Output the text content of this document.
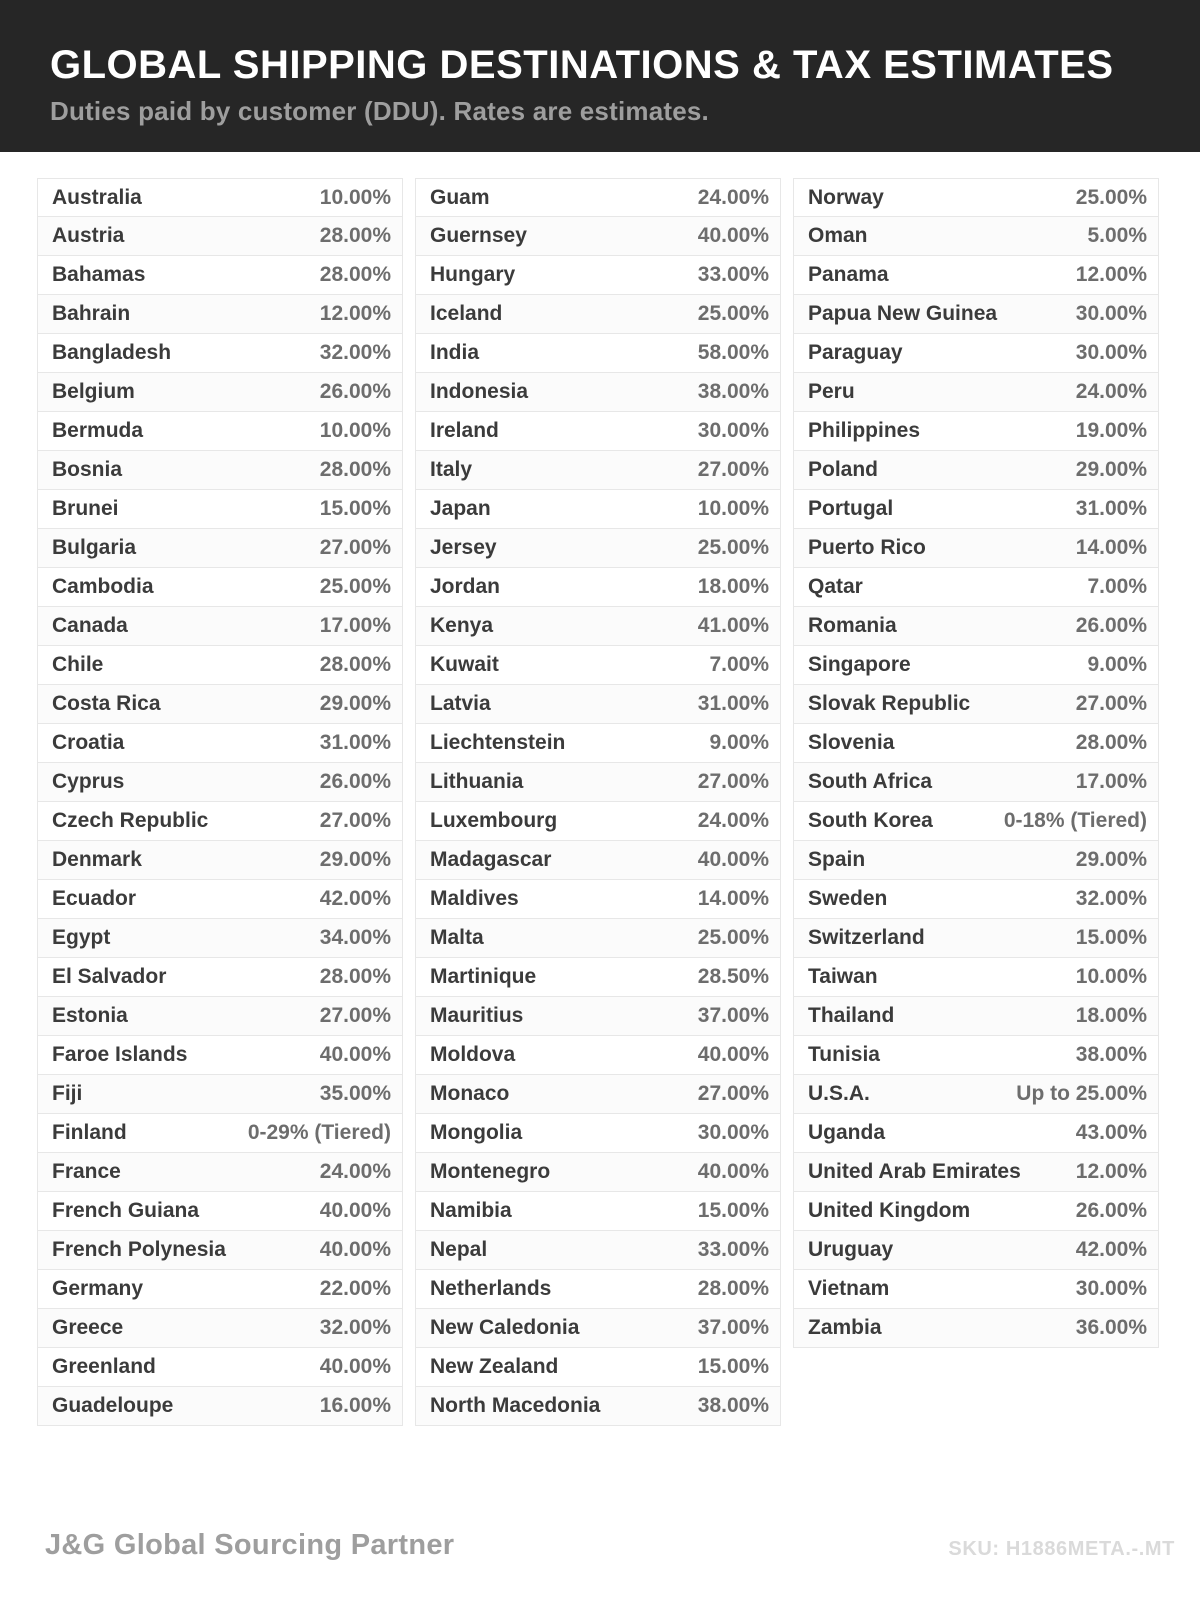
GLOBAL SHIPPING DESTINATIONS & TAX ESTIMATES

Duties paid by customer (DDU). Rates are estimates.

Australia	10.00%
Austria	28.00%
Bahamas	28.00%
Bahrain	12.00%
Bangladesh	32.00%
Belgium	26.00%
Bermuda	10.00%
Bosnia	28.00%
Brunei	15.00%
Bulgaria	27.00%
Cambodia	25.00%
Canada	17.00%
Chile	28.00%
Costa Rica	29.00%
Croatia	31.00%
Cyprus	26.00%
Czech Republic	27.00%
Denmark	29.00%
Ecuador	42.00%
Egypt	34.00%
El Salvador	28.00%
Estonia	27.00%
Faroe Islands	40.00%
Fiji	35.00%
Finland	0-29% (Tiered)
France	24.00%
French Guiana	40.00%
French Polynesia	40.00%
Germany	22.00%
Greece	32.00%
Greenland	40.00%
Guadeloupe	16.00%
Guam	24.00%
Guernsey	40.00%
Hungary	33.00%
Iceland	25.00%
India	58.00%
Indonesia	38.00%
Ireland	30.00%
Italy	27.00%
Japan	10.00%
Jersey	25.00%
Jordan	18.00%
Kenya	41.00%
Kuwait	7.00%
Latvia	31.00%
Liechtenstein	9.00%
Lithuania	27.00%
Luxembourg	24.00%
Madagascar	40.00%
Maldives	14.00%
Malta	25.00%
Martinique	28.50%
Mauritius	37.00%
Moldova	40.00%
Monaco	27.00%
Mongolia	30.00%
Montenegro	40.00%
Namibia	15.00%
Nepal	33.00%
Netherlands	28.00%
New Caledonia	37.00%
New Zealand	15.00%
North Macedonia	38.00%
Norway	25.00%
Oman	5.00%
Panama	12.00%
Papua New Guinea	30.00%
Paraguay	30.00%
Peru	24.00%
Philippines	19.00%
Poland	29.00%
Portugal	31.00%
Puerto Rico	14.00%
Qatar	7.00%
Romania	26.00%
Singapore	9.00%
Slovak Republic	27.00%
Slovenia	28.00%
South Africa	17.00%
South Korea	0-18% (Tiered)
Spain	29.00%
Sweden	32.00%
Switzerland	15.00%
Taiwan	10.00%
Thailand	18.00%
Tunisia	38.00%
U.S.A.	Up to 25.00%
Uganda	43.00%
United Arab Emirates	12.00%
United Kingdom	26.00%
Uruguay	42.00%
Vietnam	30.00%
Zambia	36.00%
J&G Global Sourcing Partner	SKU: H1886META.-.MT
